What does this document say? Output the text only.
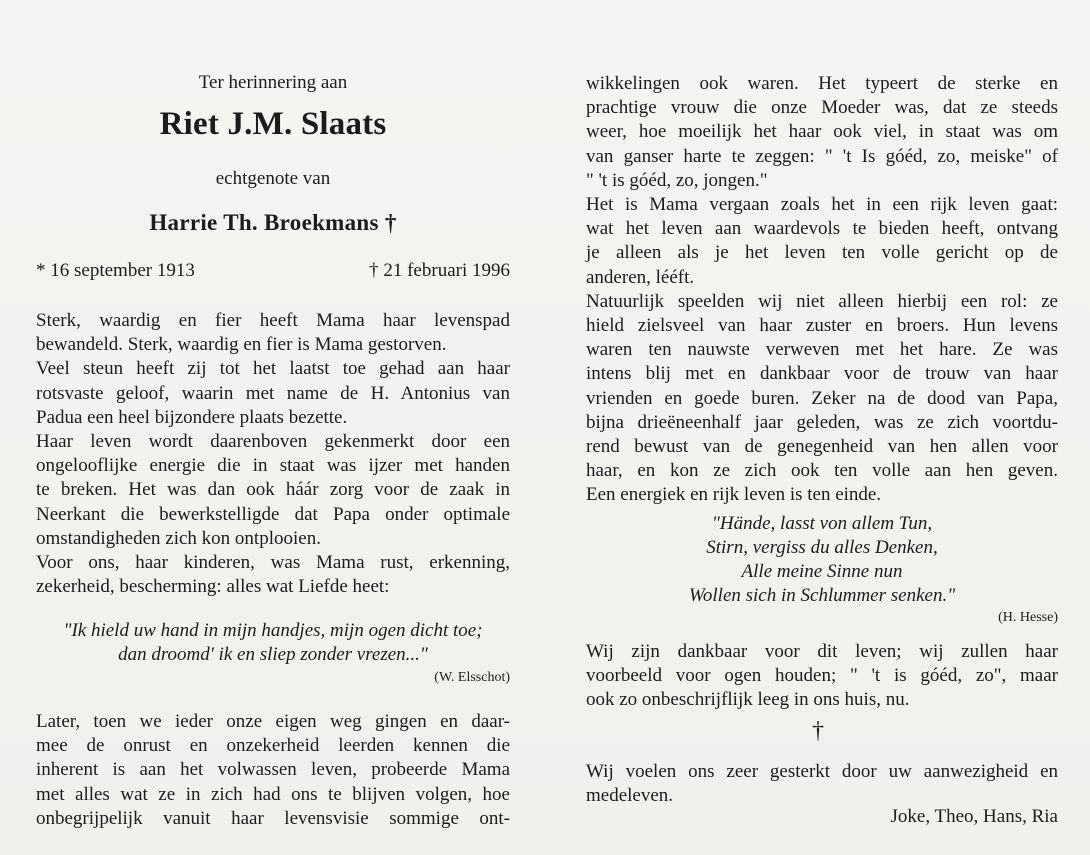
Ter herinnering aan

Riet J.M. Slaats

echtgenote van

Harrie Th. Broekmans †

* 16 september 1913	† 21 februari 1996

Sterk, waardig en fier heeft Mama haar levenspad
bewandeld. Sterk, waardig en fier is Mama gestorven.
Veel steun heeft zij tot het laatst toe gehad aan haar
rotsvaste geloof, waarin met name de H. Antonius van
Padua een heel bijzondere plaats bezette.
Haar leven wordt daarenboven gekenmerkt door een
ongelooflijke energie die in staat was ijzer met handen
te breken. Het was dan ook háár zorg voor de zaak in
Neerkant die bewerkstelligde dat Papa onder optimale
omstandigheden zich kon ontplooien.
Voor ons, haar kinderen, was Mama rust, erkenning,
zekerheid, bescherming: alles wat Liefde heet:
"Ik hield uw hand in mijn handjes, mijn ogen dicht toe;
dan droomd' ik en sliep zonder vrezen..."

(W. Elsschot)

Later, toen we ieder onze eigen weg gingen en daar-
mee de onrust en onzekerheid leerden kennen die
inherent is aan het volwassen leven, probeerde Mama
met alles wat ze in zich had ons te blijven volgen, hoe
onbegrijpelijk vanuit haar levensvisie sommige ont-
wikkelingen ook waren. Het typeert de sterke en
prachtige vrouw die onze Moeder was, dat ze steeds
weer, hoe moeilijk het haar ook viel, in staat was om
van ganser harte te zeggen: " 't Is góéd, zo, meiske" of
" 't is góéd, zo, jongen."
Het is Mama vergaan zoals het in een rijk leven gaat:
wat het leven aan waardevols te bieden heeft, ontvang
je alleen als je het leven ten volle gericht op de
anderen, lééft.
Natuurlijk speelden wij niet alleen hierbij een rol: ze
hield zielsveel van haar zuster en broers. Hun levens
waren ten nauwste verweven met het hare. Ze was
intens blij met en dankbaar voor de trouw van haar
vrienden en goede buren. Zeker na de dood van Papa,
bijna drieëneenhalf jaar geleden, was ze zich voortdu-
rend bewust van de genegenheid van hen allen voor
haar, en kon ze zich ook ten volle aan hen geven.
Een energiek en rijk leven is ten einde.
"Hände, lasst von allem Tun,
Stirn, vergiss du alles Denken,
Alle meine Sinne nun
Wollen sich in Schlummer senken."

(H. Hesse)

Wij zijn dankbaar voor dit leven; wij zullen haar
voorbeeld voor ogen houden; " 't is góéd, zo", maar
ook zo onbeschrijflijk leeg in ons huis, nu.
†
Wij voelen ons zeer gesterkt door uw aanwezigheid en
medeleven.

Joke, Theo, Hans, Ria
